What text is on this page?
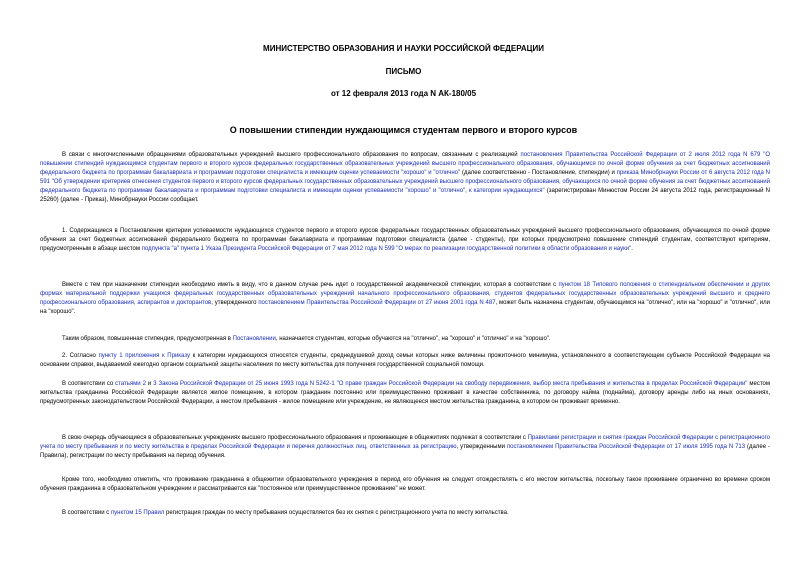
МИНИСТЕРСТВО ОБРАЗОВАНИЯ И НАУКИ РОССИЙСКОЙ ФЕДЕРАЦИИ
ПИСЬМО
от 12 февраля 2013 года N АК-180/05
О повышении стипендии нуждающимся студентам первого и второго курсов

В связи с многочисленными обращениями образовательных учреждений высшего профессионального образования по вопросам, связанным с реализацией постановления Правительства Российской Федерации от 2 июля 2012 года N 679 "О повышении стипендий нуждающимся студентам первого и второго курсов федеральных государственных образовательных учреждений высшего профессионального образования, обучающимся по очной форме обучения за счет бюджетных ассигнований федерального бюджета по программам бакалавриата и программам подготовки специалиста и имеющим оценки успеваемости "хорошо" и "отлично" (далее соответственно - Постановление, стипендии) и приказа Минобрнауки России от 6 августа 2012 года N 591 "Об утверждении критериев отнесения студентов первого и второго курсов федеральных государственных образовательных учреждений высшего профессионального образования, обучающихся по очной форме обучения за счет бюджетных ассигнований федерального бюджета по программам бакалавриата и программам подготовки специалиста и имеющим оценки успеваемости "хорошо" и "отлично", к категории нуждающихся" (зарегистрирован Минюстом России 24 августа 2012 года, регистрационный N 25260) (далее - Приказ), Минобрнауки России сообщает.

1. Содержащиеся в Постановлении критерии успеваемости нуждающихся студентов первого и второго курсов федеральных государственных образовательных учреждений высшего профессионального образования, обучающихся по очной форме обучения за счет бюджетных ассигнований федерального бюджета по программам бакалавриата и программам подготовки специалиста (далее - студенты), при которых предусмотрено повышение стипендий студентам, соответствуют критериям, предусмотренным в абзаце шестом подпункта "а" пункта 1 Указа Президента Российской Федерации от 7 мая 2012 года N 599 "О мерах по реализации государственной политики в области образования и науки".

Вместе с тем при назначении стипендии необходимо иметь в виду, что в данном случае речь идет о государственной академической стипендии, которая в соответствии с пунктом 18 Типового положения о стипендиальном обеспечении и других формах материальной поддержки учащихся федеральных государственных образовательных учреждений начального профессионального образования, студентов федеральных государственных образовательных учреждений высшего и среднего профессионального образования, аспирантов и докторантов, утвержденного постановлением Правительства Российской Федерации от 27 июня 2001 года N 487, может быть назначена студентам, обучающимся на "отлично", или на "хорошо" и "отлично", или на "хорошо".

Таким образом, повышенная стипендия, предусмотренная в Постановлении, назначается студентам, которые обучаются на "отлично", на "хорошо" и "отлично" и на "хорошо".

2. Согласно пункту 1 приложения к Приказу к категории нуждающихся относятся студенты, среднедушевой доход семьи которых ниже величины прожиточного минимума, установленного в соответствующем субъекте Российской Федерации на основании справки, выдаваемой ежегодно органом социальной защиты населения по месту жительства для получения государственной социальной помощи.

В соответствии со статьями 2 и 3 Закона Российской Федерации от 25 июня 1993 года N 5242-1 "О праве граждан Российской Федерации на свободу передвижения, выбор места пребывания и жительства в пределах Российской Федерации" местом жительства гражданина Российской Федерации является жилое помещение, в котором гражданин постоянно или преимущественно проживает в качестве собственника, по договору найма (поднайма), договору аренды либо на иных основаниях, предусмотренных законодательством Российской Федерации, а местом пребывания - жилое помещение или учреждение, не являющееся местом жительства гражданина, в котором он проживает временно.

В свою очередь обучающиеся в образовательных учреждениях высшего профессионального образования и проживающие в общежитиях подлежат в соответствии с Правилами регистрации и снятия граждан Российской Федерации с регистрационного учета по месту пребывания и по месту жительства в пределах Российской Федерации и перечня должностных лиц, ответственных за регистрацию, утвержденными постановлением Правительства Российской Федерации от 17 июля 1995 года N 713 (далее - Правила), регистрации по месту пребывания на период обучения.

Кроме того, необходимо отметить, что проживание гражданина в общежитии образовательного учреждения в период его обучения не следует отождествлять с его местом жительства, поскольку такое проживание ограничено во времени сроком обучения гражданина в образовательном учреждении и рассматривается как "постоянное или преимущественное проживание" не может.

В соответствии с пунктом 15 Правил регистрация граждан по месту пребывания осуществляется без их снятия с регистрационного учета по месту жительства.
